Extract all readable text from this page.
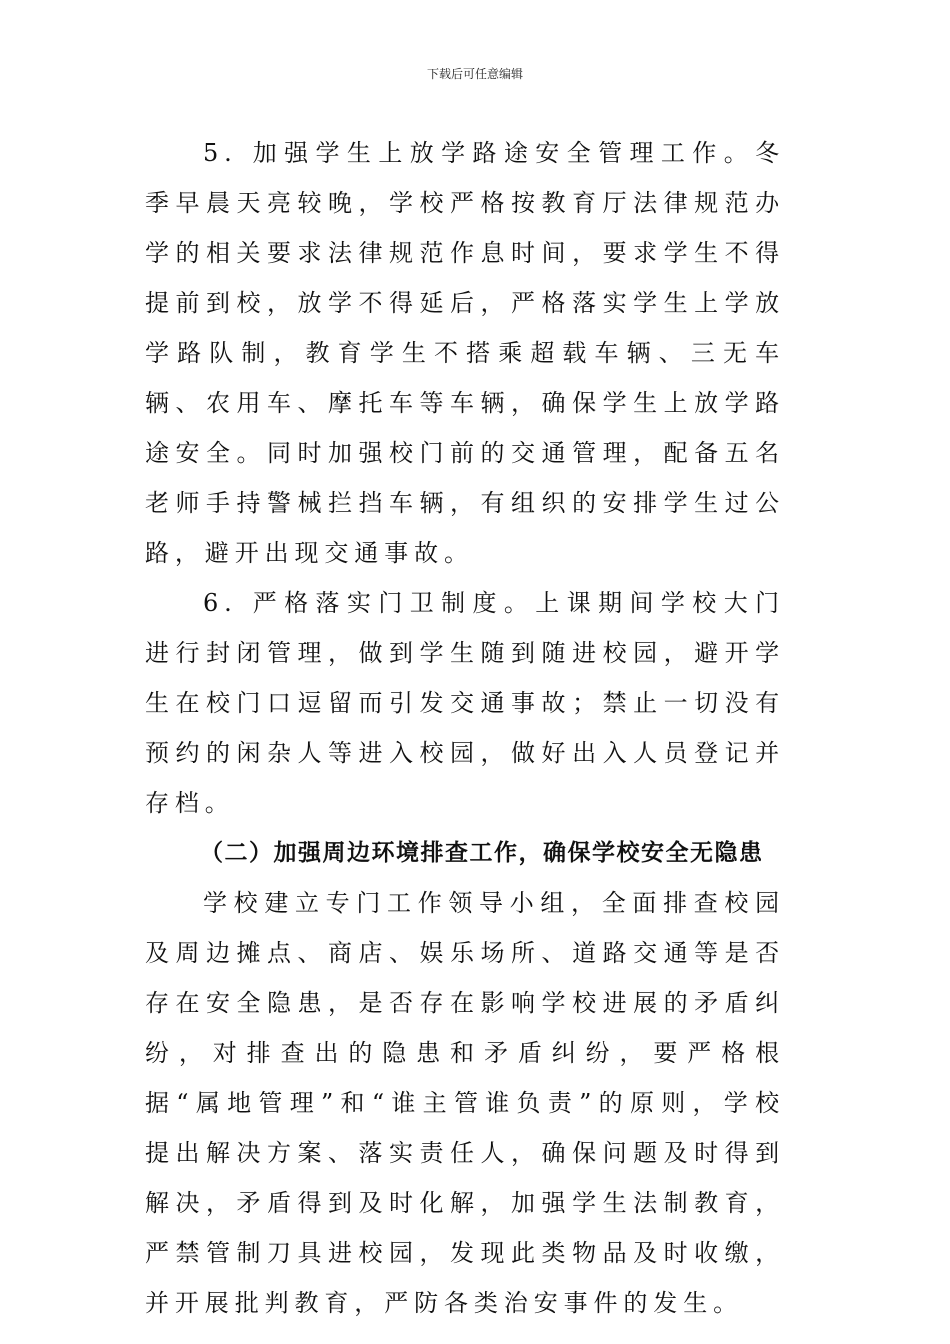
下载后可任意编辑

5. 加强学生上放学路途安全管理工作。冬季早晨天亮较晚，学校严格按教育厅法律规范办学的相关要求法律规范作息时间，要求学生不得提前到校，放学不得延后，严格落实学生上学放学路队制，教育学生不搭乘超载车辆、三无车辆、农用车、摩托车等车辆，确保学生上放学路途安全。同时加强校门前的交通管理，配备五名老师手持警械拦挡车辆，有组织的安排学生过公路，避开出现交通事故。

6. 严格落实门卫制度。上课期间学校大门进行封闭管理，做到学生随到随进校园，避开学生在校门口逗留而引发交通事故；禁止一切没有预约的闲杂人等进入校园，做好出入人员登记并存档。

（二）加强周边环境排查工作，确保学校安全无隐患

学校建立专门工作领导小组，全面排查校园及周边摊点、商店、娱乐场所、道路交通等是否存在安全隐患，是否存在影响学校进展的矛盾纠纷，对排查出的隐患和矛盾纠纷，要严格根据“属地管理”和“谁主管谁负责”的原则，学校提出解决方案、落实责任人，确保问题及时得到解决，矛盾得到及时化解，加强学生法制教育，严禁管制刀具进校园，发现此类物品及时收缴，并开展批判教育，严防各类治安事件的发生。
